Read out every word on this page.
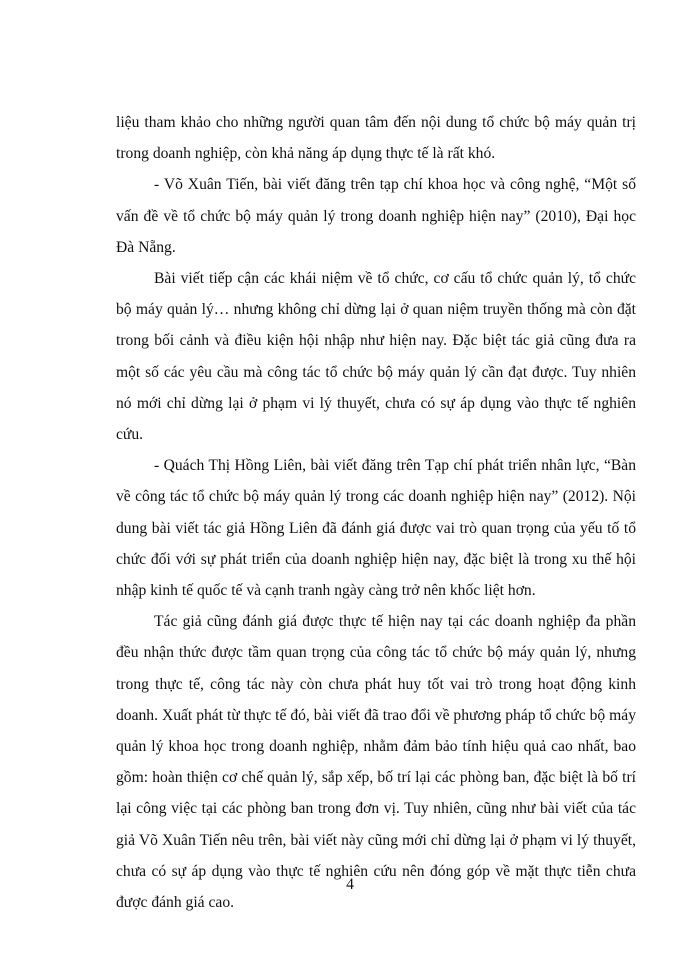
liệu tham khảo cho những người quan tâm đến nội dung tổ chức bộ máy quản trị trong doanh nghiệp, còn khả năng áp dụng thực tế là rất khó.

- Võ Xuân Tiến, bài viết đăng trên tạp chí khoa học và công nghệ, “Một số vấn đề về tổ chức bộ máy quản lý trong doanh nghiệp hiện nay” (2010), Đại học Đà Nẵng.

Bài viết tiếp cận các khái niệm về tổ chức, cơ cấu tổ chức quản lý, tổ chức bộ máy quản lý… nhưng không chỉ dừng lại ở quan niệm truyền thống mà còn đặt trong bối cảnh và điều kiện hội nhập như hiện nay. Đặc biệt tác giả cũng đưa ra một số các yêu cầu mà công tác tổ chức bộ máy quản lý cần đạt được. Tuy nhiên nó mới chỉ dừng lại ở phạm vi lý thuyết, chưa có sự áp dụng vào thực tế nghiên cứu.

- Quách Thị Hồng Liên, bài viết đăng trên Tạp chí phát triển nhân lực, “Bàn về công tác tổ chức bộ máy quản lý trong các doanh nghiệp hiện nay” (2012). Nội dung bài viết tác giả Hồng Liên đã đánh giá được vai trò quan trọng của yếu tố tổ chức đối với sự phát triển của doanh nghiệp hiện nay, đặc biệt là trong xu thế hội nhập kinh tế quốc tế và cạnh tranh ngày càng trở nên khốc liệt hơn.

Tác giả cũng đánh giá được thực tế hiện nay tại các doanh nghiệp đa phần đều nhận thức được tầm quan trọng của công tác tổ chức bộ máy quản lý, nhưng trong thực tế, công tác này còn chưa phát huy tốt vai trò trong hoạt động kinh doanh. Xuất phát từ thực tế đó, bài viết đã trao đổi về phương pháp tổ chức bộ máy quản lý khoa học trong doanh nghiệp, nhằm đảm bảo tính hiệu quả cao nhất, bao gồm: hoàn thiện cơ chế quản lý, sắp xếp, bố trí lại các phòng ban, đặc biệt là bố trí lại công việc tại các phòng ban trong đơn vị. Tuy nhiên, cũng như bài viết của tác giả Võ Xuân Tiến nêu trên, bài viết này cũng mới chỉ dừng lại ở phạm vi lý thuyết, chưa có sự áp dụng vào thực tế nghiên cứu nên đóng góp về mặt thực tiễn chưa được đánh giá cao.

4
